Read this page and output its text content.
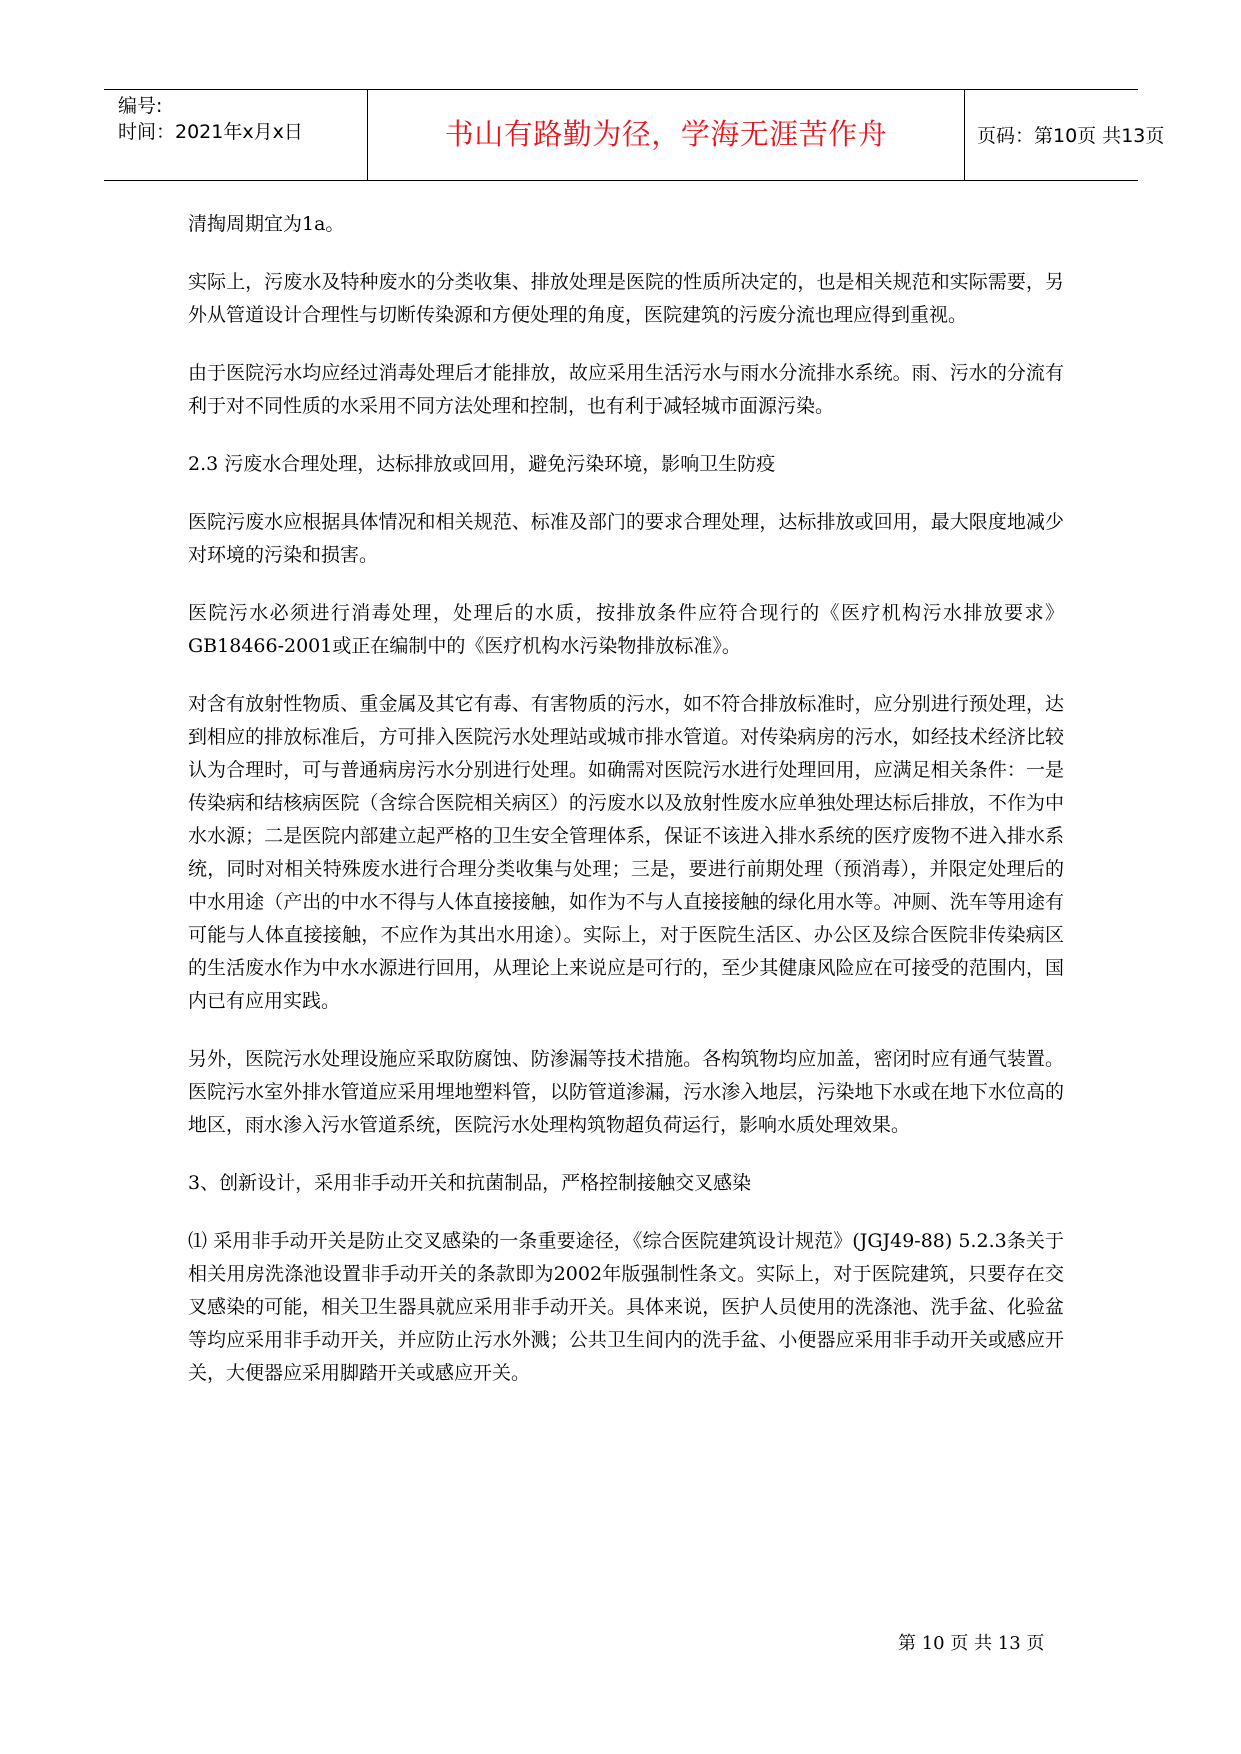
编号:
时间：2021年x月x日	书山有路勤为径，学海无涯苦作舟	页码：第10页 共13页

清掏周期宜为1a。

实际上，污废水及特种废水的分类收集、排放处理是医院的性质所决定的，也是相关规范和实际需要，另外从管道设计合理性与切断传染源和方便处理的角度，医院建筑的污废分流也理应得到重视。

由于医院污水均应经过消毒处理后才能排放，故应采用生活污水与雨水分流排水系统。雨、污水的分流有利于对不同性质的水采用不同方法处理和控制，也有利于减轻城市面源污染。

2.3 污废水合理处理，达标排放或回用，避免污染环境，影响卫生防疫

医院污废水应根据具体情况和相关规范、标准及部门的要求合理处理，达标排放或回用，最大限度地减少对环境的污染和损害。

医院污水必须进行消毒处理，处理后的水质，按排放条件应符合现行的《医疗机构污水排放要求》GB18466-2001或正在编制中的《医疗机构水污染物排放标准》。

对含有放射性物质、重金属及其它有毒、有害物质的污水，如不符合排放标准时，应分别进行预处理，达到相应的排放标准后，方可排入医院污水处理站或城市排水管道。对传染病房的污水，如经技术经济比较认为合理时，可与普通病房污水分别进行处理。如确需对医院污水进行处理回用，应满足相关条件：一是传染病和结核病医院（含综合医院相关病区）的污废水以及放射性废水应单独处理达标后排放，不作为中水水源；二是医院内部建立起严格的卫生安全管理体系，保证不该进入排水系统的医疗废物不进入排水系统，同时对相关特殊废水进行合理分类收集与处理；三是，要进行前期处理（预消毒），并限定处理后的中水用途（产出的中水不得与人体直接接触，如作为不与人直接接触的绿化用水等。冲厕、洗车等用途有可能与人体直接接触，不应作为其出水用途）。实际上，对于医院生活区、办公区及综合医院非传染病区的生活废水作为中水水源进行回用，从理论上来说应是可行的，至少其健康风险应在可接受的范围内，国内已有应用实践。

另外，医院污水处理设施应采取防腐蚀、防渗漏等技术措施。各构筑物均应加盖，密闭时应有通气装置。医院污水室外排水管道应采用埋地塑料管，以防管道渗漏，污水渗入地层，污染地下水或在地下水位高的地区，雨水渗入污水管道系统，医院污水处理构筑物超负荷运行，影响水质处理效果。

3、创新设计，采用非手动开关和抗菌制品，严格控制接触交叉感染

⑴ 采用非手动开关是防止交叉感染的一条重要途径，《综合医院建筑设计规范》(JGJ49-88) 5.2.3条关于相关用房洗涤池设置非手动开关的条款即为2002年版强制性条文。实际上，对于医院建筑，只要存在交叉感染的可能，相关卫生器具就应采用非手动开关。具体来说，医护人员使用的洗涤池、洗手盆、化验盆等均应采用非手动开关，并应防止污水外溅；公共卫生间内的洗手盆、小便器应采用非手动开关或感应开关，大便器应采用脚踏开关或感应开关。

第 10 页 共 13 页
